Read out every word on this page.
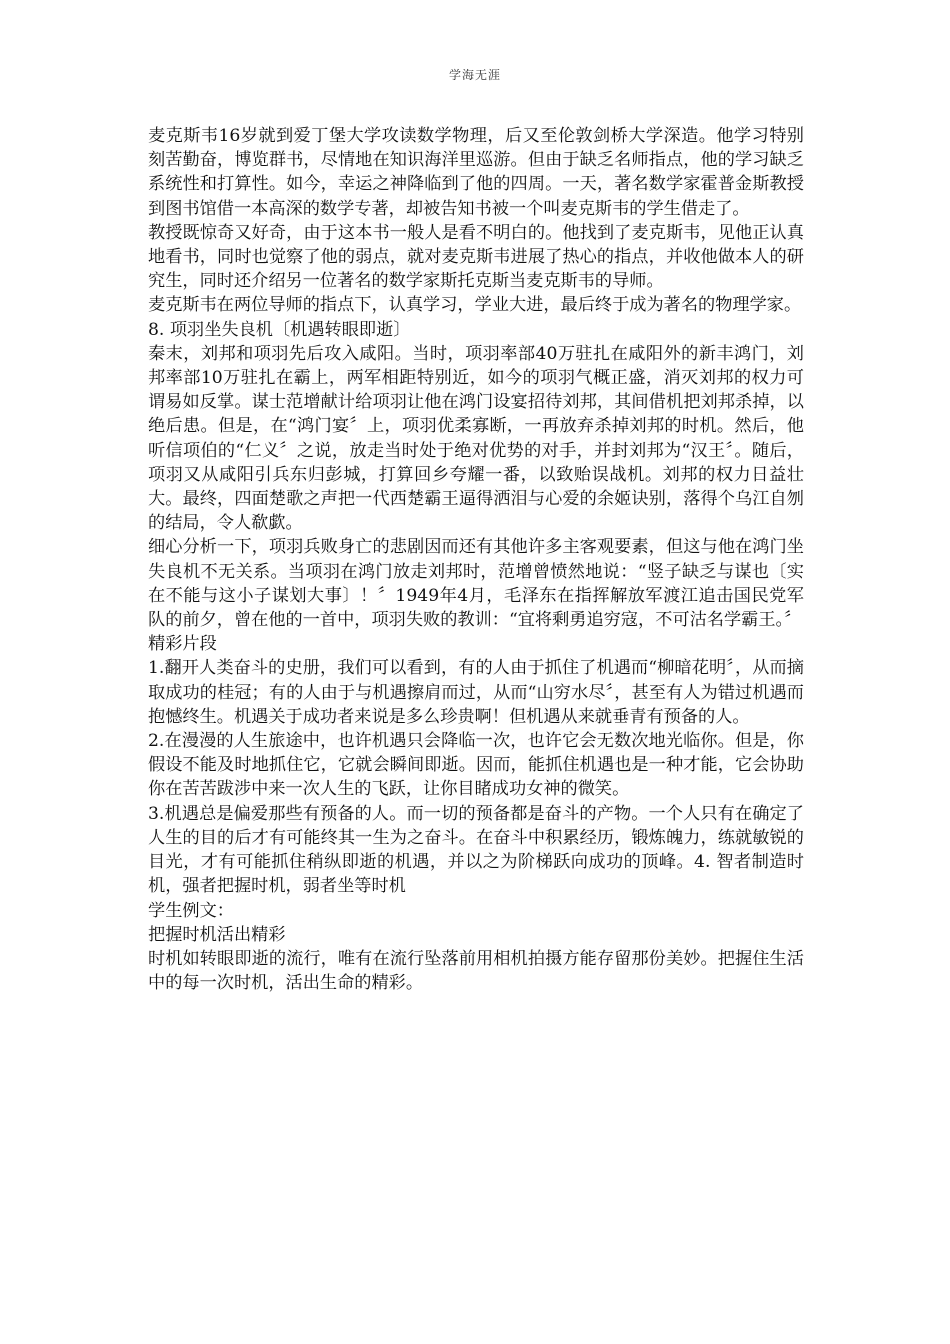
学海无涯

麦克斯韦16岁就到爱丁堡大学攻读数学物理，后又至伦敦剑桥大学深造。他学习特别刻苦勤奋，博览群书，尽情地在知识海洋里巡游。但由于缺乏名师指点，他的学习缺乏系统性和打算性。如今，幸运之神降临到了他的四周。一天，著名数学家霍普金斯教授到图书馆借一本高深的数学专著，却被告知书被一个叫麦克斯韦的学生借走了。

教授既惊奇又好奇，由于这本书一般人是看不明白的。他找到了麦克斯韦，见他正认真地看书，同时也觉察了他的弱点，就对麦克斯韦进展了热心的指点，并收他做本人的研究生，同时还介绍另一位著名的数学家斯托克斯当麦克斯韦的导师。

麦克斯韦在两位导师的指点下，认真学习，学业大进，最后终于成为著名的物理学家。

8. 项羽坐失良机〔机遇转眼即逝〕

秦末，刘邦和项羽先后攻入咸阳。当时，项羽率部40万驻扎在咸阳外的新丰鸿门，刘邦率部10万驻扎在霸上，两军相距特别近，如今的项羽气概正盛，消灭刘邦的权力可谓易如反掌。谋士范增献计给项羽让他在鸿门设宴招待刘邦，其间借机把刘邦杀掉，以绝后患。但是，在“鸿门宴〞上，项羽优柔寡断，一再放弃杀掉刘邦的时机。然后，他听信项伯的“仁义〞之说，放走当时处于绝对优势的对手，并封刘邦为“汉王〞。随后，项羽又从咸阳引兵东归彭城，打算回乡夸耀一番，以致贻误战机。刘邦的权力日益壮大。最终，四面楚歌之声把一代西楚霸王逼得洒泪与心爱的余姬诀别，落得个乌江自刎的结局，令人欷歔。

细心分析一下，项羽兵败身亡的悲剧因而还有其他许多主客观要素，但这与他在鸿门坐失良机不无关系。当项羽在鸿门放走刘邦时，范增曾愤然地说：“竖子缺乏与谋也〔实在不能与这小子谋划大事〕！〞1949年4月，毛泽东在指挥解放军渡江追击国民党军队的前夕，曾在他的一首中，项羽失败的教训：“宜将剩勇追穷寇，不可沽名学霸王。〞

精彩片段

1.翻开人类奋斗的史册，我们可以看到，有的人由于抓住了机遇而“柳暗花明〞，从而摘取成功的桂冠；有的人由于与机遇擦肩而过，从而“山穷水尽〞，甚至有人为错过机遇而抱憾终生。机遇关于成功者来说是多么珍贵啊！但机遇从来就垂青有预备的人。

2.在漫漫的人生旅途中，也许机遇只会降临一次，也许它会无数次地光临你。但是，你假设不能及时地抓住它，它就会瞬间即逝。因而，能抓住机遇也是一种才能，它会协助你在苦苦跋涉中来一次人生的飞跃，让你目睹成功女神的微笑。

3.机遇总是偏爱那些有预备的人。而一切的预备都是奋斗的产物。一个人只有在确定了人生的目的后才有可能终其一生为之奋斗。在奋斗中积累经历，锻炼魄力，练就敏锐的目光，才有可能抓住稍纵即逝的机遇，并以之为阶梯跃向成功的顶峰。4. 智者制造时机，强者把握时机，弱者坐等时机

学生例文：

把握时机活出精彩

时机如转眼即逝的流行，唯有在流行坠落前用相机拍摄方能存留那份美妙。把握住生活中的每一次时机，活出生命的精彩。
